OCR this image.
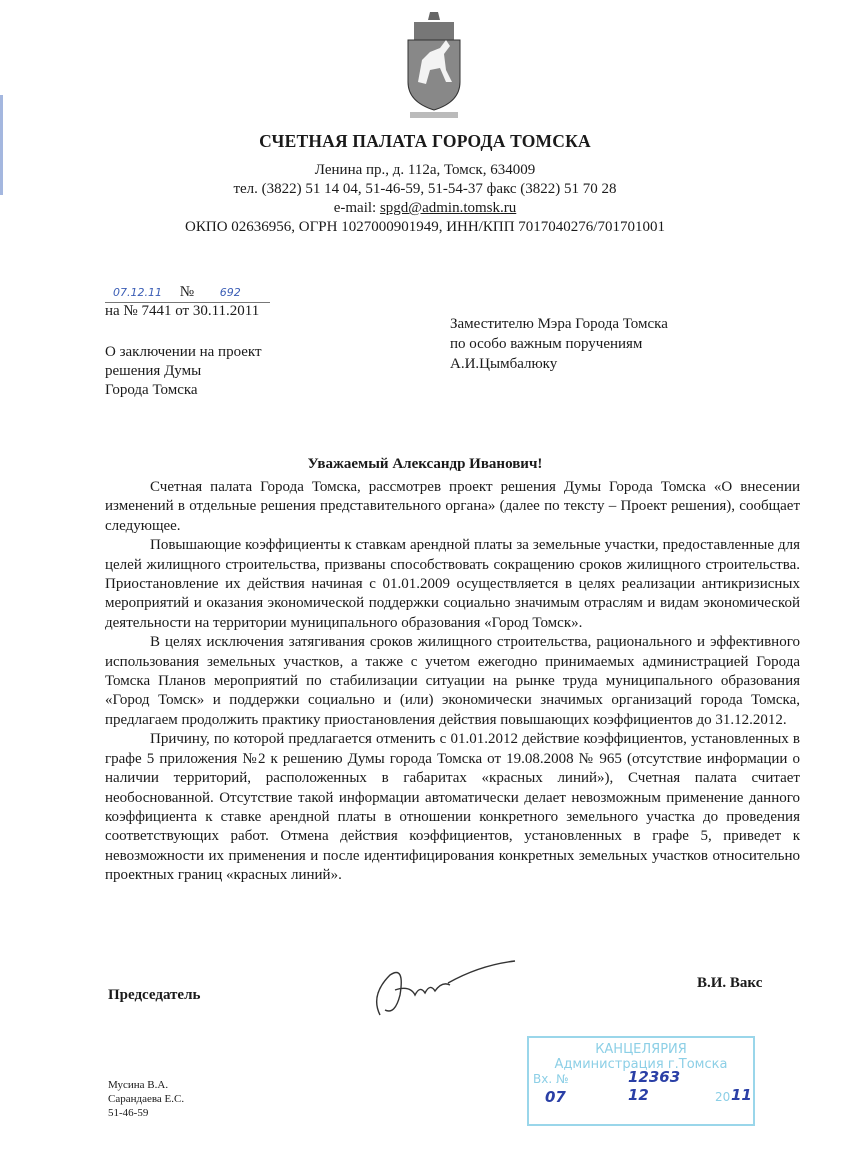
СЧЕТНАЯ ПАЛАТА ГОРОДА ТОМСКА
Ленина пр., д. 112а, Томск, 634009
тел. (3822) 51 14 04, 51-46-59, 51-54-37 факс (3822) 51 70 28
e-mail: spgd@admin.tomsk.ru
ОКПО 02636956, ОГРН 1027000901949, ИНН/КПП 7017040276/701701001
07.12.11 № 692
на № 7441 от 30.11.2011
О заключении на проект
решения Думы
Города Томска
Заместителю Мэра Города Томска
по особо важным поручениям
А.И.Цымбалюку
Уважаемый Александр Иванович!

Счетная палата Города Томска, рассмотрев проект решения Думы Города Томска «О внесении изменений в отдельные решения представительного органа» (далее по тексту – Проект решения), сообщает следующее.

Повышающие коэффициенты к ставкам арендной платы за земельные участки, предоставленные для целей жилищного строительства, призваны способствовать сокращению сроков жилищного строительства. Приостановление их действия начиная с 01.01.2009 осуществляется в целях реализации антикризисных мероприятий и оказания экономической поддержки социально значимым отраслям и видам экономической деятельности на территории муниципального образования «Город Томск».

В целях исключения затягивания сроков жилищного строительства, рационального и эффективного использования земельных участков, а также с учетом ежегодно принимаемых администрацией Города Томска Планов мероприятий по стабилизации ситуации на рынке труда муниципального образования «Город Томск» и поддержки социально и (или) экономически значимых организаций города Томска, предлагаем продолжить практику приостановления действия повышающих коэффициентов до 31.12.2012.

Причину, по которой предлагается отменить с 01.01.2012 действие коэффициентов, установленных в графе 5 приложения №2 к решению Думы города Томска от 19.08.2008 № 965 (отсутствие информации о наличии территорий, расположенных в габаритах «красных линий»), Счетная палата считает необоснованной. Отсутствие такой информации автоматически делает невозможным применение данного коэффициента к ставке арендной платы в отношении конкретного земельного участка до проведения соответствующих работ. Отмена действия коэффициентов, установленных в графе 5, приведет к невозможности их применения и после идентифицирования конкретных земельных участков относительно проектных границ «красных линий».

Председатель
В.И. Вакс
Мусина В.А.
Сарандаева Е.С.
51-46-59
КАНЦЕЛЯРИЯ
Администрация г.Томска
Вх. №	12363
07	12	20 11
